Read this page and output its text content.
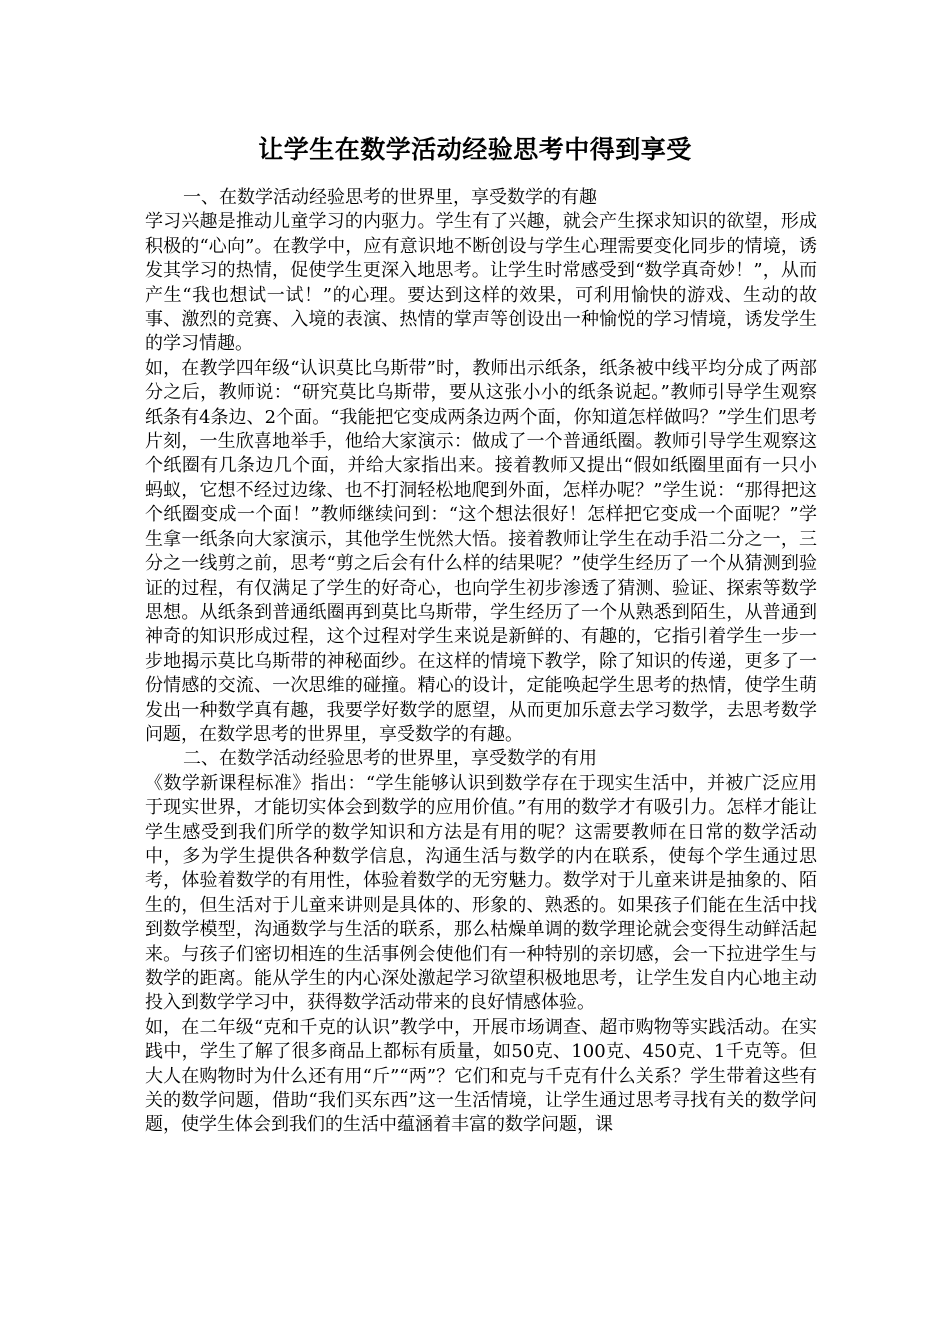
让学生在数学活动经验思考中得到享受

一、在数学活动经验思考的世界里，享受数学的有趣

学习兴趣是推动儿童学习的内驱力。学生有了兴趣，就会产生探求知识的欲望，形成积极的“心向”。在教学中，应有意识地不断创设与学生心理需要变化同步的情境，诱发其学习的热情，促使学生更深入地思考。让学生时常感受到“数学真奇妙！”，从而产生“我也想试一试！”的心理。要达到这样的效果，可利用愉快的游戏、生动的故事、激烈的竞赛、入境的表演、热情的掌声等创设出一种愉悦的学习情境，诱发学生的学习情趣。

如，在教学四年级“认识莫比乌斯带”时，教师出示纸条，纸条被中线平均分成了两部分之后，教师说：“研究莫比乌斯带，要从这张小小的纸条说起。”教师引导学生观察纸条有4条边、2个面。“我能把它变成两条边两个面，你知道怎样做吗？”学生们思考片刻，一生欣喜地举手，他给大家演示：做成了一个普通纸圈。教师引导学生观察这个纸圈有几条边几个面，并给大家指出来。接着教师又提出“假如纸圈里面有一只小蚂蚁，它想不经过边缘、也不打洞轻松地爬到外面，怎样办呢？”学生说：“那得把这个纸圈变成一个面！”教师继续问到：“这个想法很好！怎样把它变成一个面呢？”学生拿一纸条向大家演示，其他学生恍然大悟。接着教师让学生在动手沿二分之一，三分之一线剪之前，思考“剪之后会有什么样的结果呢？”使学生经历了一个从猜测到验证的过程，有仅满足了学生的好奇心，也向学生初步渗透了猜测、验证、探索等数学思想。从纸条到普通纸圈再到莫比乌斯带，学生经历了一个从熟悉到陌生，从普通到神奇的知识形成过程，这个过程对学生来说是新鲜的、有趣的，它指引着学生一步一步地揭示莫比乌斯带的神秘面纱。在这样的情境下教学，除了知识的传递，更多了一份情感的交流、一次思维的碰撞。精心的设计，定能唤起学生思考的热情，使学生萌发出一种数学真有趣，我要学好数学的愿望，从而更加乐意去学习数学，去思考数学问题，在数学思考的世界里，享受数学的有趣。

二、在数学活动经验思考的世界里，享受数学的有用

《数学新课程标准》指出：“学生能够认识到数学存在于现实生活中，并被广泛应用于现实世界，才能切实体会到数学的应用价值。”有用的数学才有吸引力。怎样才能让学生感受到我们所学的数学知识和方法是有用的呢？这需要教师在日常的数学活动中，多为学生提供各种数学信息，沟通生活与数学的内在联系，使每个学生通过思考，体验着数学的有用性，体验着数学的无穷魅力。数学对于儿童来讲是抽象的、陌生的，但生活对于儿童来讲则是具体的、形象的、熟悉的。如果孩子们能在生活中找到数学模型，沟通数学与生活的联系，那么枯燥单调的数学理论就会变得生动鲜活起来。与孩子们密切相连的生活事例会使他们有一种特别的亲切感，会一下拉进学生与数学的距离。能从学生的内心深处激起学习欲望积极地思考，让学生发自内心地主动投入到数学学习中，获得数学活动带来的良好情感体验。

如，在二年级“克和千克的认识”教学中，开展市场调查、超市购物等实践活动。在实践中，学生了解了很多商品上都标有质量，如50克、100克、450克、1千克等。但大人在购物时为什么还有用“斤”“两”？它们和克与千克有什么关系？学生带着这些有关的数学问题，借助“我们买东西”这一生活情境，让学生通过思考寻找有关的数学问题，使学生体会到我们的生活中蕴涵着丰富的数学问题，课
